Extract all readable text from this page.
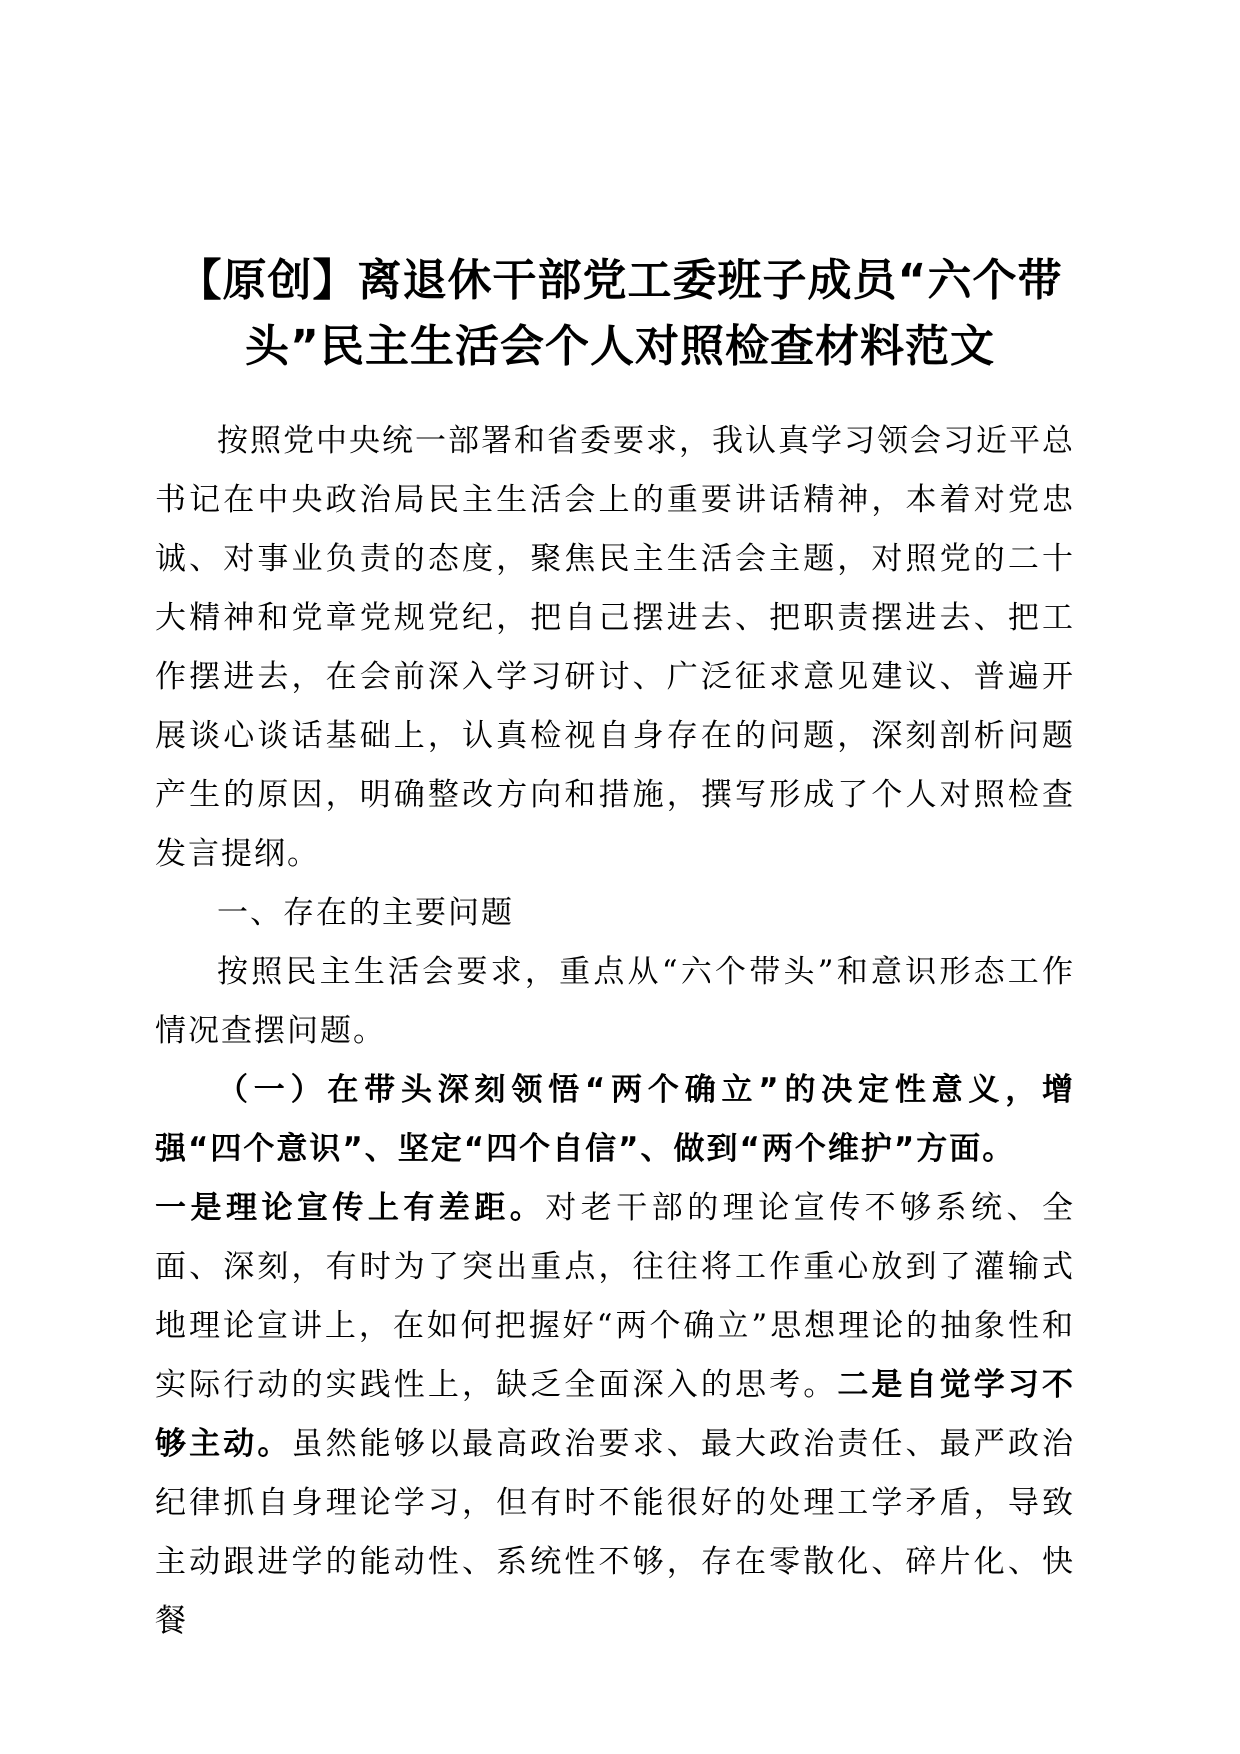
【原创】离退休干部党工委班子成员“六个带
头”民主生活会个人对照检查材料范文

按照党中央统一部署和省委要求，我认真学习领会习近平总书记在中央政治局民主生活会上的重要讲话精神，本着对党忠诚、对事业负责的态度，聚焦民主生活会主题，对照党的二十大精神和党章党规党纪，把自己摆进去、把职责摆进去、把工作摆进去，在会前深入学习研讨、广泛征求意见建议、普遍开展谈心谈话基础上，认真检视自身存在的问题，深刻剖析问题产生的原因，明确整改方向和措施，撰写形成了个人对照检查发言提纲。

一、存在的主要问题

按照民主生活会要求，重点从“六个带头”和意识形态工作情况查摆问题。

（一）在带头深刻领悟“两个确立”的决定性意义，增强“四个意识”、坚定“四个自信”、做到“两个维护”方面。

一是理论宣传上有差距。对老干部的理论宣传不够系统、全面、深刻，有时为了突出重点，往往将工作重心放到了灌输式地理论宣讲上，在如何把握好“两个确立”思想理论的抽象性和实际行动的实践性上，缺乏全面深入的思考。二是自觉学习不够主动。虽然能够以最高政治要求、最大政治责任、最严政治纪律抓自身理论学习，但有时不能很好的处理工学矛盾，导致主动跟进学的能动性、系统性不够，存在零散化、碎片化、快餐
